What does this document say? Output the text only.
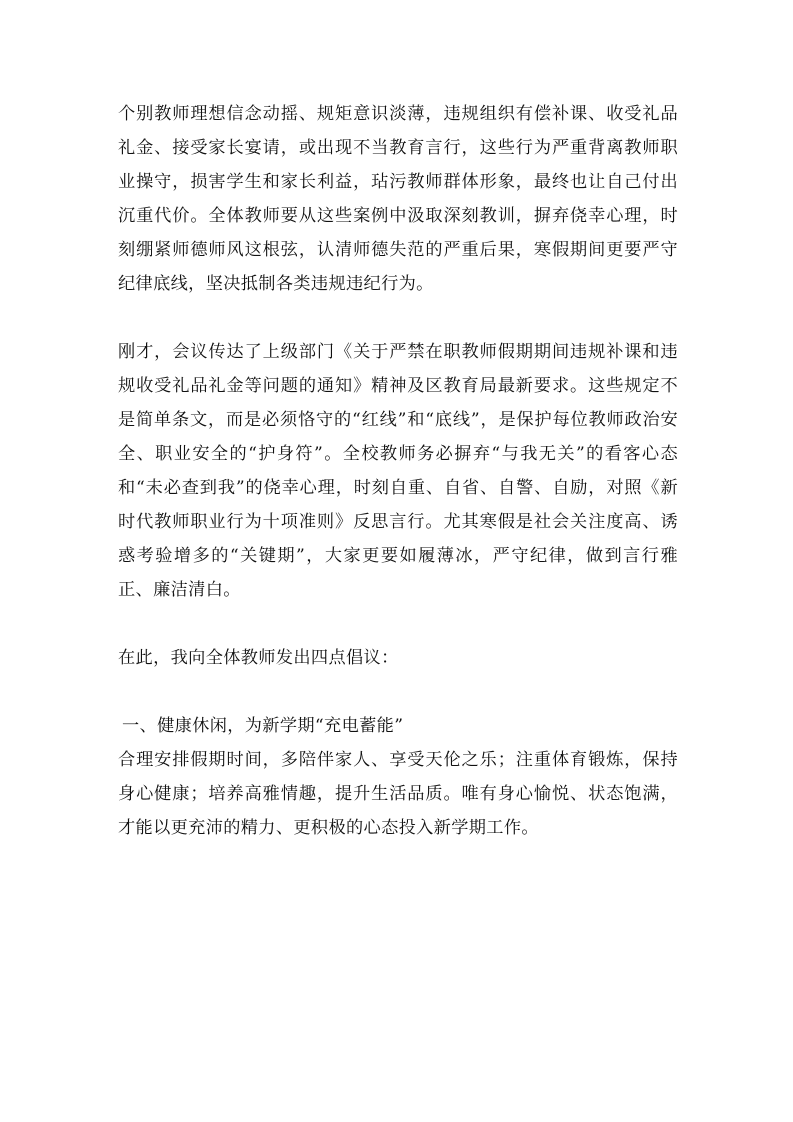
个别教师理想信念动摇、规矩意识淡薄，违规组织有偿补课、收受礼品礼金、接受家长宴请，或出现不当教育言行，这些行为严重背离教师职业操守，损害学生和家长利益，玷污教师群体形象，最终也让自己付出沉重代价。全体教师要从这些案例中汲取深刻教训，摒弃侥幸心理，时刻绷紧师德师风这根弦，认清师德失范的严重后果，寒假期间更要严守纪律底线，坚决抵制各类违规违纪行为。

刚才，会议传达了上级部门《关于严禁在职教师假期期间违规补课和违规收受礼品礼金等问题的通知》精神及区教育局最新要求。这些规定不是简单条文，而是必须恪守的“红线”和“底线”，是保护每位教师政治安全、职业安全的“护身符”。全校教师务必摒弃“与我无关”的看客心态和“未必查到我”的侥幸心理，时刻自重、自省、自警、自励，对照《新时代教师职业行为十项准则》反思言行。尤其寒假是社会关注度高、诱惑考验增多的“关键期”，大家更要如履薄冰，严守纪律，做到言行雅正、廉洁清白。

在此，我向全体教师发出四点倡议：

一、健康休闲，为新学期“充电蓄能”

合理安排假期时间，多陪伴家人、享受天伦之乐；注重体育锻炼，保持身心健康；培养高雅情趣，提升生活品质。唯有身心愉悦、状态饱满，才能以更充沛的精力、更积极的心态投入新学期工作。
